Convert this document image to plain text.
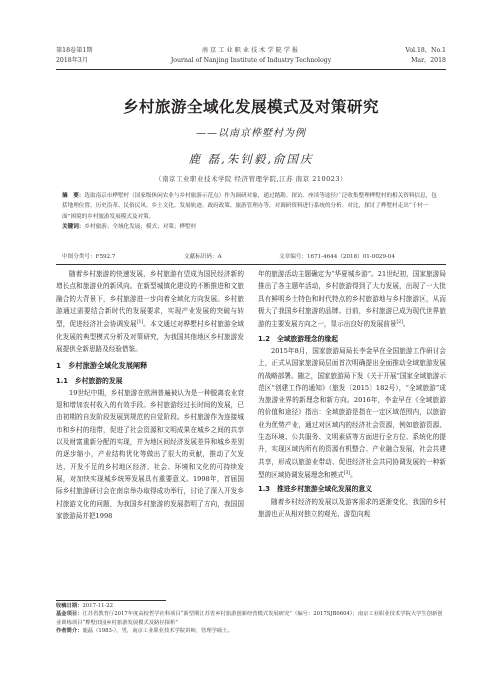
第18卷第1期
2018年3月
南京工业职业技术学院学报
Journal of Nanjing Institute of Industry Technology
Vol.18，No.1
Mar，2018
乡村旅游全域化发展模式及对策研究
——以南京桦墅村为例
鹿 磊,朱钊毅,俞国庆
（南京工业职业技术学院 经济管理学院,江苏 南京 210023）
摘　要：选取南京市桦墅村（国家级休闲农业与乡村旅游示范点）作为调研对象，通过踏勘、探访、座谈等途径广泛收集整理桦墅村的相关资料信息，包括地理位置、历史沿革、民俗民风、乡土文化、发展轨迹、政府政策、旅游管理办等，对调研资料进行系统的分析、对比，探讨了桦墅村走出“千村一面”困境的乡村旅游发展模式及对策。
关键词：乡村旅游；全域化发展；模式；对策；桦墅村
中图分类号：F592.7	文献标识码：A	文章编号：1671-4644（2018）01-0029-04

随着乡村旅游的快速发展，乡村旅游有望成为国民经济新的增长点和旅游业的新风向。在新型城镇化建设的不断推进和文旅融合的大背景下，乡村旅游进一步向着全域化方向发展。乡村旅游通过需要结合新时代的发展要求，实现产业发展的突破与转型，促进经济社会协调发展[1]。本文通过对桦墅村乡村旅游全域化发展的典型模式分析及对策研究，为我国其他地区乡村旅游发展提供全新思路及经验借鉴。

1　乡村旅游全域化发展阐释
1.1　乡村旅游的发展

19世纪中期，乡村旅游在欧洲普遍被认为是一种脱离农业衰退和增加农村收入的有效手段。乡村旅游经过长时间的发展，已由初期的自发阶段发展到规范的自觉阶段。乡村旅游作为连接城市和乡村的纽带，促进了社会资源和文明成果在城乡之间的共享以及财富重新分配的实现，并为地区间经济发展差异和城乡差别的逐步缩小，产业结构优化等做出了很大的贡献，推动了欠发达、开发不足的乡村地区经济、社会、环境和文化的可持续发展，对加快实现城乡统筹发展具有重要意义。1998年，首届国际乡村旅游研讨会在南京举办取得成功举行，讨论了深入开发乡村旅游文化的问题，为我国乡村旅游的发展指明了方向，我国国家旅游局并把1998

年的旅游活动主题确定为“华夏城乡游”。21世纪初，国家旅游局推出了各主题年活动，乡村旅游得到了大力发展，出现了一大批具有鲜明乡土特色和时代特点的乡村旅游地与乡村旅游区，从而极大了我国乡村旅游的品牌。目前，乡村旅游已成为现代世界旅游的主要发展方向之一，显示出良好的发展前景[2]。

1.2　全域旅游理念的缘起

2015年8月，国家旅游局局长李金早在全国旅游工作研讨会上，正式从国家旅游局层面首次明确提出全面推动全域旅游发展的战略部署。随之，国家旅游局下发《关于开展“国家全域旅游示范区”创建工作的通知》（旅发〔2015〕182号），“全域旅游”成为旅游业界的新理念和新方向。2016年，李金早在《全域旅游的价值和途径》指出：全域旅游是指在一定区域范围内，以旅游业为优势产业，通过对区域内的经济社会资源，例如旅游资源、生态环境、公共服务、文明素质等方面进行全方位、系统化的提升，实现区域内所有的资源有机整合、产业融合发展，社会共建共享，形成以旅游业带动、促进经济社会共同协调发展的一种新型的区域协调发展理念和模式[3]。

1.3　推进乡村旅游全域化发展的意义

随着乡村经济的发展以及游客需求的逐渐变化，我国的乡村旅游也正从相对独立的观光、游览向观

收稿日期：2017-11-22
基金项目：江苏省教育厅2017年度高校哲学社科项目“新型期江苏省乡村旅游创新经营模式发展研究”（编号：2017SJB0604）；南京工业职业技术学院大学生创新创业训练项目“桦墅田园乡村旅游发展模式及路径探析”
作者简介：鹿磊（1983-），男，南京工业职业技术学院讲师，管理学硕士。
